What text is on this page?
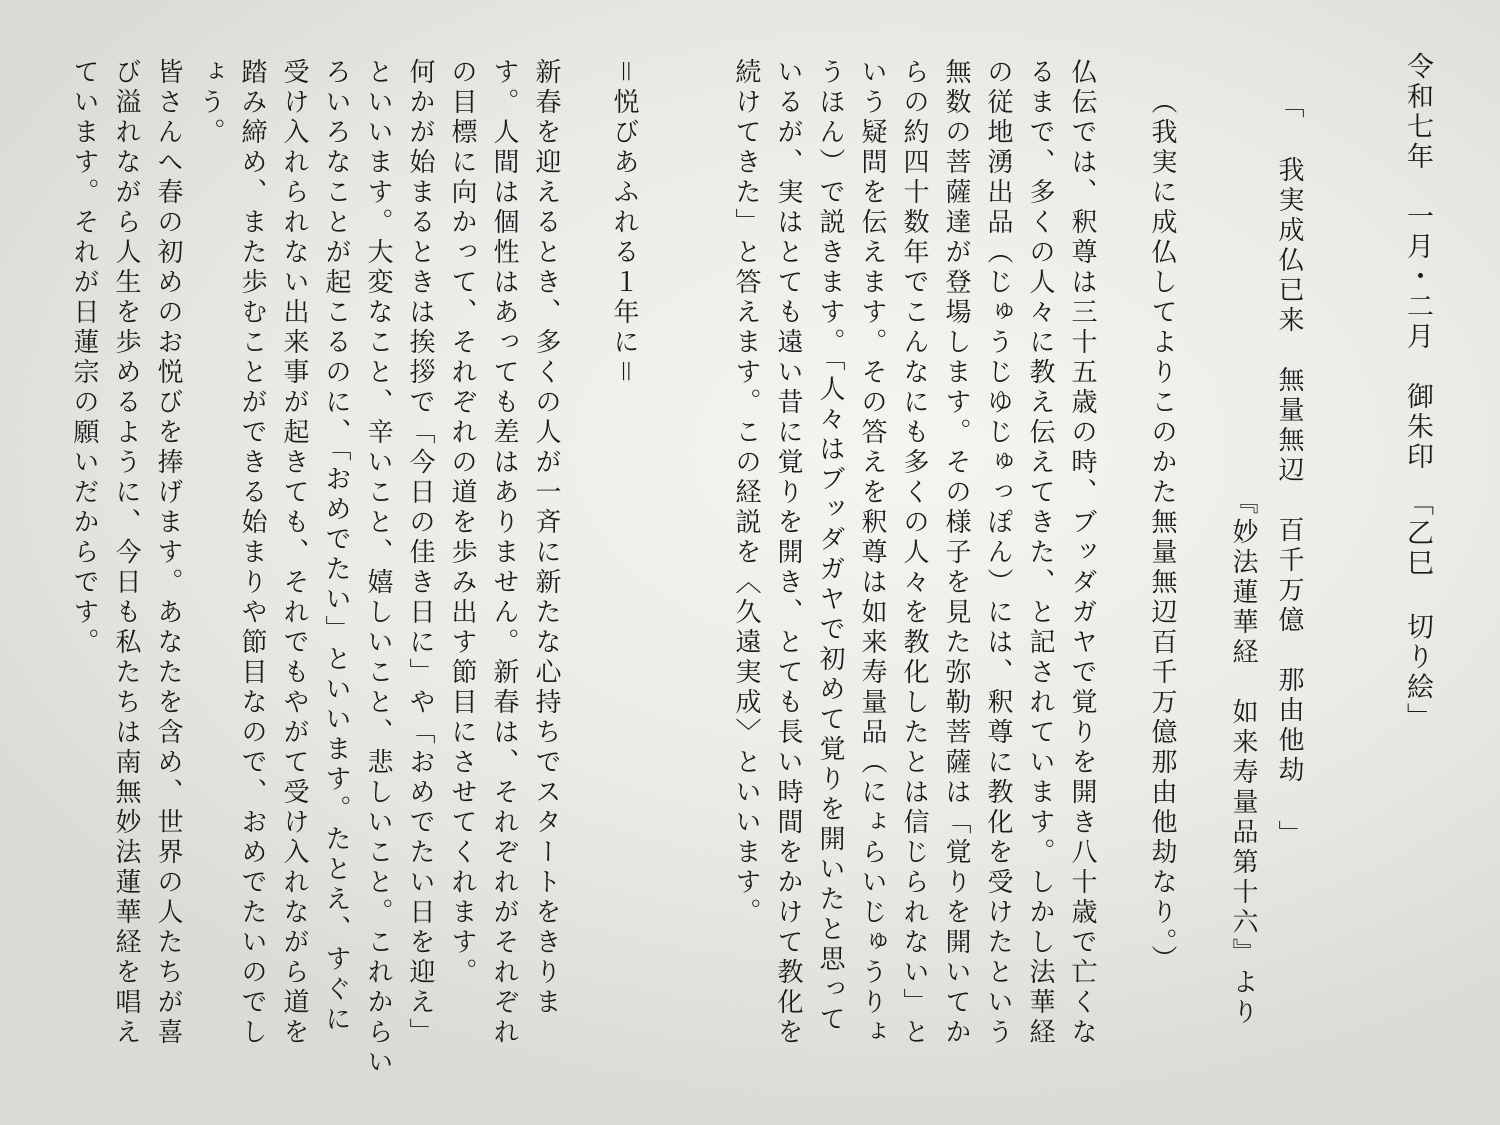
令和七年　一月・二月　御朱印　「乙巳 切り絵」
「 我実成仏已来　無量無辺　百千万億　那由他劫 」
『妙法蓮華経　如来寿量品第十六』より
（我実に成仏してよりこのかた無量無辺百千万億那由他劫なり。）
仏伝では、釈尊は三十五歳の時、ブッダガヤで覚りを開き八十歳で亡くな
るまで、多くの人々に教え伝えてきた、と記されています。しかし法華経
の従地湧出品（じゅうじゆじゅっぽん）には、釈尊に教化を受けたという
無数の菩薩達が登場します。その様子を見た弥勒菩薩は「覚りを開いてか
らの約四十数年でこんなにも多くの人々を教化したとは信じられない」と
いう疑問を伝えます。その答えを釈尊は如来寿量品（にょらいじゅうりょ
うほん）で説きます。「人々はブッダガヤで初めて覚りを開いたと思って
いるが、実はとても遠い昔に覚りを開き、とても長い時間をかけて教化を
続けてきた」と答えます。この経説を〈久遠実成〉といいます。
＝悦びあふれる１年に＝
新春を迎えるとき、多くの人が一斉に新たな心持ちでスタートをきりま
す。人間は個性はあっても差はありません。新春は、それぞれがそれぞれ
の目標に向かって、それぞれの道を歩み出す節目にさせてくれます。
何かが始まるときは挨拶で「今日の佳き日に」や「おめでたい日を迎え」
といいます。大変なこと、辛いこと、嬉しいこと、悲しいこと。これからい
ろいろなことが起こるのに、「おめでたい」といいます。たとえ、すぐに
受け入れられない出来事が起きても、それでもやがて受け入れながら道を
踏み締め、また歩むことができる始まりや節目なので、おめでたいのでし
ょう。
皆さんへ春の初めのお悦びを捧げます。あなたを含め、世界の人たちが喜
び溢れながら人生を歩めるように、今日も私たちは南無妙法蓮華経を唱え
ています。それが日蓮宗の願いだからです。
